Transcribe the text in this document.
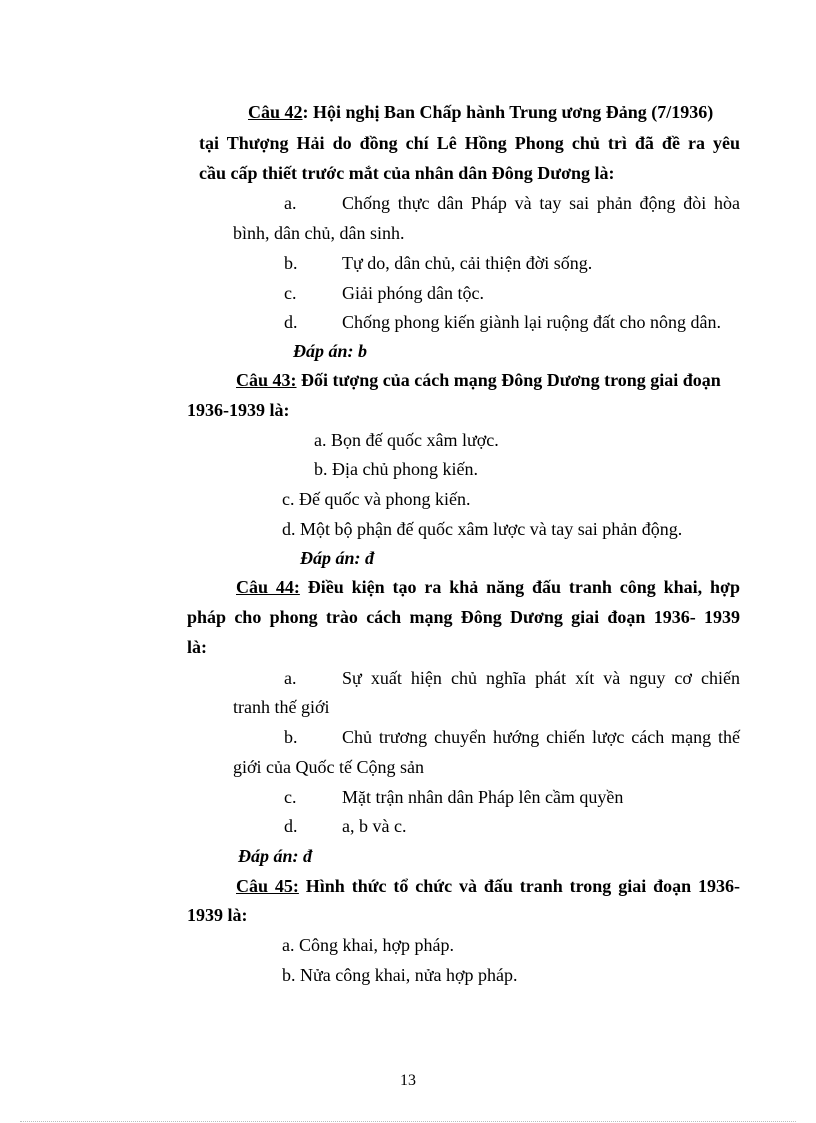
Câu 42: Hội nghị Ban Chấp hành Trung ương Đảng (7/1936)
tại Thượng Hải do đồng chí Lê Hồng Phong chủ trì đã đề ra yêu
cầu cấp thiết trước mắt của nhân dân Đông Dương là:
a.	Chống thực dân Pháp và tay sai phản động đòi hòa
bình, dân chủ, dân sinh.
b. Tự do, dân chủ, cải thiện đời sống.
c.	Giải phóng dân tộc.
d. Chống phong kiến giành lại ruộng đất cho nông dân.
Đáp án: b
Câu 43: Đối tượng của cách mạng Đông Dương trong giai đoạn
1936-1939 là:
a. Bọn đế quốc xâm lược.
b. Địa chủ phong kiến.
c. Đế quốc và phong kiến.
d. Một bộ phận đế quốc xâm lược và tay sai phản động.
Đáp án: đ
Câu 44: Điều kiện tạo ra khả năng đấu tranh công khai, hợp
pháp cho phong trào cách mạng Đông Dương giai đoạn 1936- 1939
là:
a.	Sự xuất hiện chủ nghĩa phát xít và nguy cơ chiến
tranh thế giới
b. Chủ trương chuyển hướng chiến lược cách mạng thế
giới của Quốc tế Cộng sản
c.	Mặt trận nhân dân Pháp lên cầm quyền
d. a, b và c.
Đáp án: đ
Câu 45: Hình thức tổ chức và đấu tranh trong giai đoạn 1936-
1939 là:
a. Công khai, hợp pháp.
b. Nửa công khai, nửa hợp pháp.
13
